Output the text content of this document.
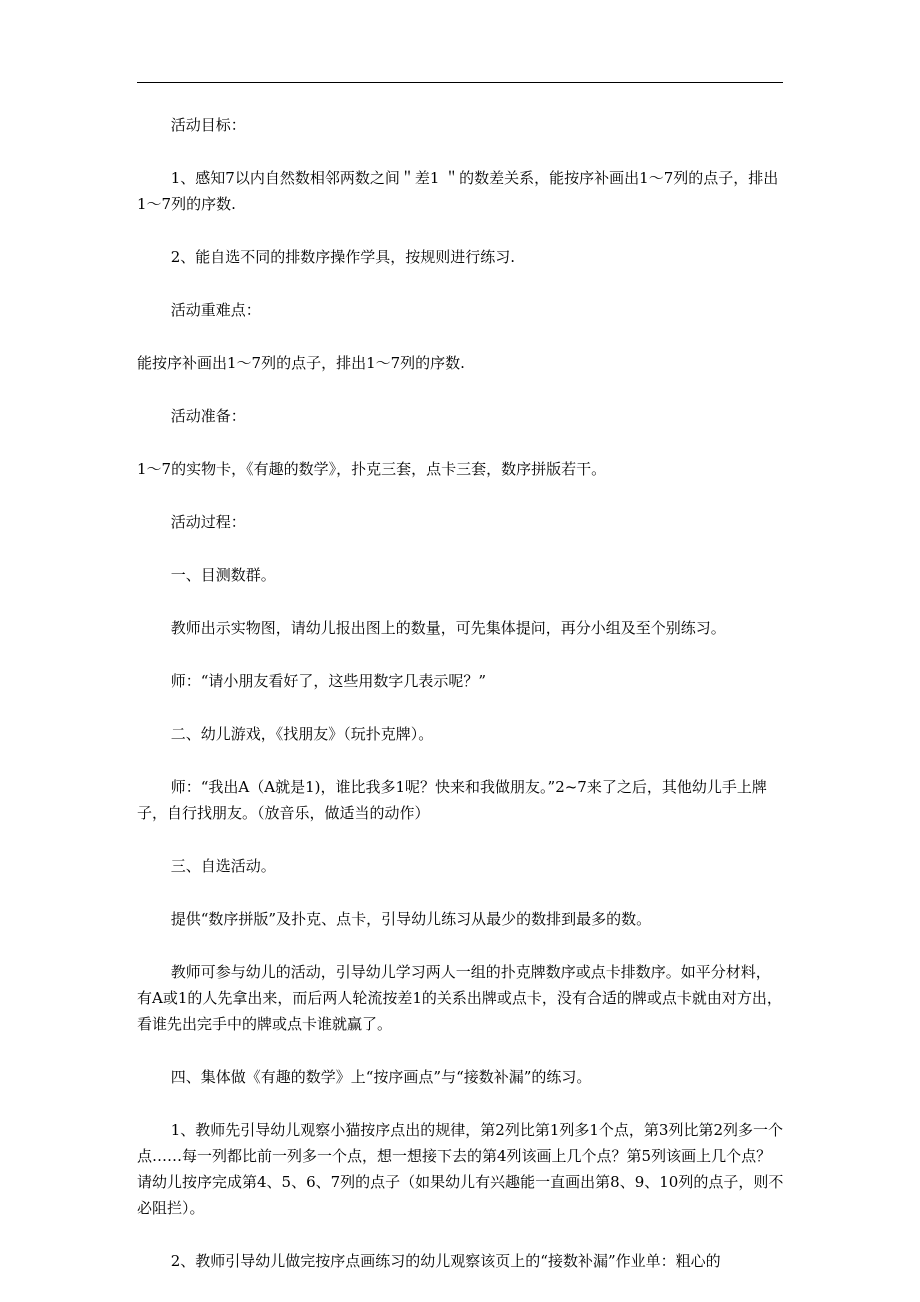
活动目标：

1、感知7以内自然数相邻两数之间＂差1 ＂的数差关系，能按序补画出1～7列的点子，排出1～7列的序数.

2、能自选不同的排数序操作学具，按规则进行练习.

活动重难点：

能按序补画出1～7列的点子，排出1～7列的序数.

活动准备：

1～7的实物卡，《有趣的数学》，扑克三套，点卡三套，数序拼版若干。

活动过程：

一、目测数群。

教师出示实物图，请幼儿报出图上的数量，可先集体提问，再分小组及至个别练习。

师：“请小朋友看好了，这些用数字几表示呢？”

二、幼儿游戏，《找朋友》（玩扑克牌）。

师：“我出A（A就是1)，谁比我多1呢？快来和我做朋友。”2~7来了之后，其他幼儿手上牌子，自行找朋友。（放音乐，做适当的动作）

三、自选活动。

提供“数序拼版”及扑克、点卡，引导幼儿练习从最少的数排到最多的数。

教师可参与幼儿的活动，引导幼儿学习两人一组的扑克牌数序或点卡排数序。如平分材料，有A或1的人先拿出来，而后两人轮流按差1的关系出牌或点卡，没有合适的牌或点卡就由对方出，看谁先出完手中的牌或点卡谁就赢了。

四、集体做《有趣的数学》上“按序画点”与“接数补漏”的练习。

1、教师先引导幼儿观察小猫按序点出的规律，第2列比第1列多1个点，第3列比第2列多一个点……每一列都比前一列多一个点，想一想接下去的第4列该画上几个点？第5列该画上几个点？请幼儿按序完成第4、5、6、7列的点子（如果幼儿有兴趣能一直画出第8、9、10列的点子，则不必阻拦）。

2、教师引导幼儿做完按序点画练习的幼儿观察该页上的“接数补漏”作业单：粗心的
